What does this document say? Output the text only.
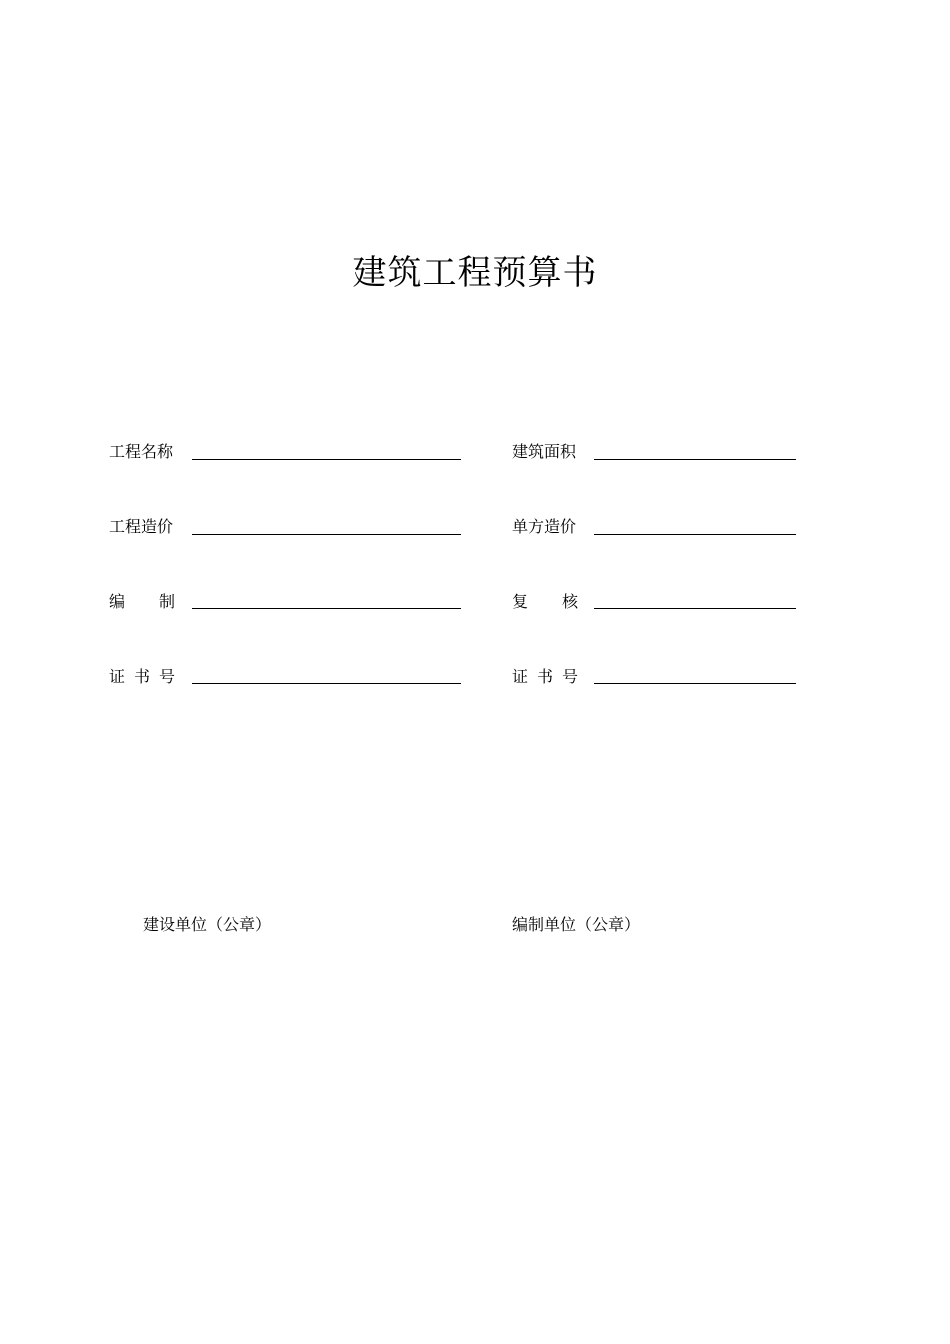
建筑工程预算书
工程名称
工程造价
编 制
证 书 号
建筑面积
单方造价
复 核
证 书 号
建设单位（公章）	编制单位（公章）
